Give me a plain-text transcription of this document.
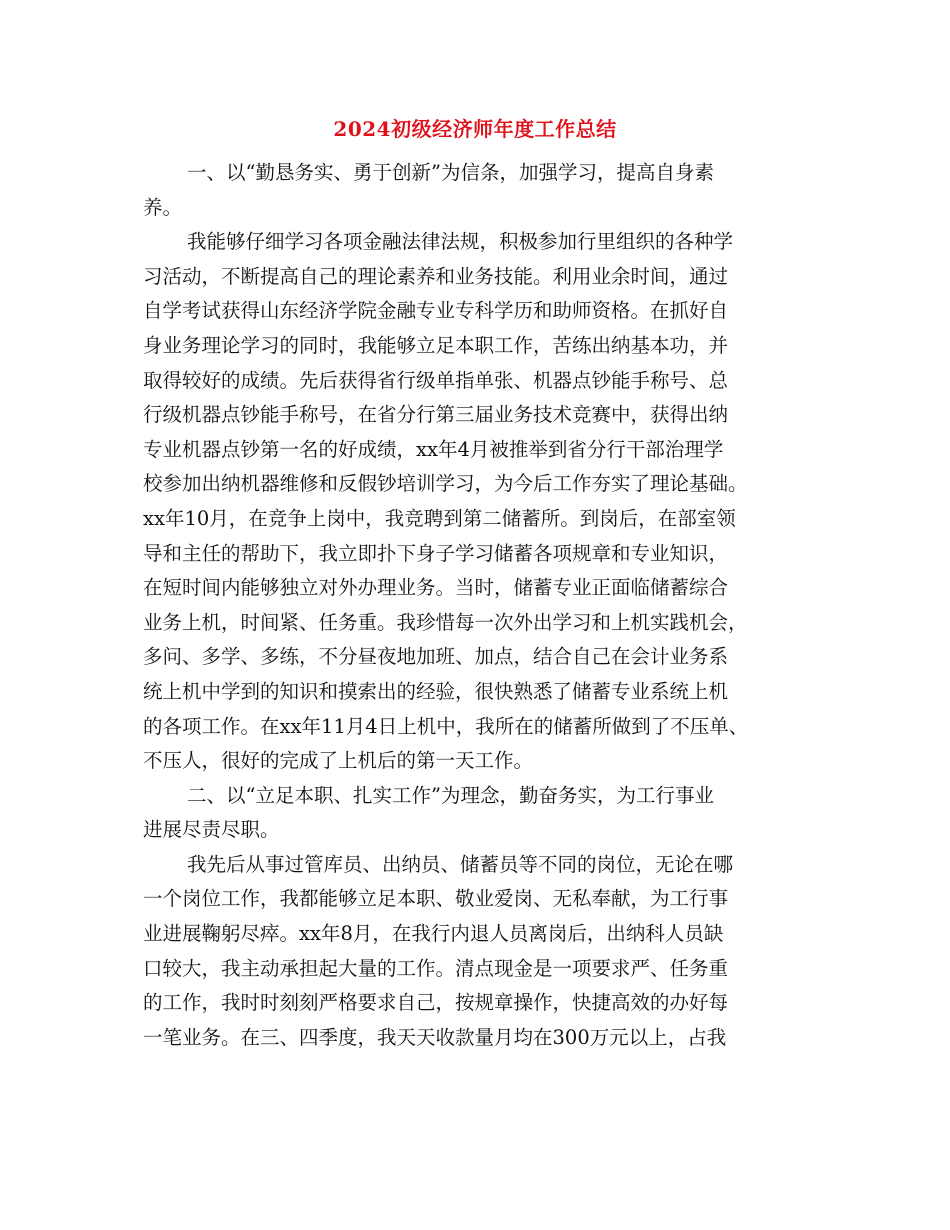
2024初级经济师年度工作总结
一、以“勤恳务实、勇于创新”为信条，加强学习，提高自身素
养。
我能够仔细学习各项金融法律法规，积极参加行里组织的各种学
习活动，不断提高自己的理论素养和业务技能。利用业余时间，通过
自学考试获得山东经济学院金融专业专科学历和助师资格。在抓好自
身业务理论学习的同时，我能够立足本职工作，苦练出纳基本功，并
取得较好的成绩。先后获得省行级单指单张、机器点钞能手称号、总
行级机器点钞能手称号，在省分行第三届业务技术竞赛中，获得出纳
专业机器点钞第一名的好成绩，xx年4月被推举到省分行干部治理学
校参加出纳机器维修和反假钞培训学习，为今后工作夯实了理论基础。
xx年10月，在竞争上岗中，我竞聘到第二储蓄所。到岗后，在部室领
导和主任的帮助下，我立即扑下身子学习储蓄各项规章和专业知识，
在短时间内能够独立对外办理业务。当时，储蓄专业正面临储蓄综合
业务上机，时间紧、任务重。我珍惜每一次外出学习和上机实践机会，
多问、多学、多练，不分昼夜地加班、加点，结合自己在会计业务系
统上机中学到的知识和摸索出的经验，很快熟悉了储蓄专业系统上机
的各项工作。在xx年11月4日上机中，我所在的储蓄所做到了不压单、
不压人，很好的完成了上机后的第一天工作。
二、以“立足本职、扎实工作”为理念，勤奋务实，为工行事业
进展尽责尽职。
我先后从事过管库员、出纳员、储蓄员等不同的岗位，无论在哪
一个岗位工作，我都能够立足本职、敬业爱岗、无私奉献，为工行事
业进展鞠躬尽瘁。xx年8月，在我行内退人员离岗后，出纳科人员缺
口较大，我主动承担起大量的工作。清点现金是一项要求严、任务重
的工作，我时时刻刻严格要求自己，按规章操作，快捷高效的办好每
一笔业务。在三、四季度，我天天收款量月均在300万元以上，占我
